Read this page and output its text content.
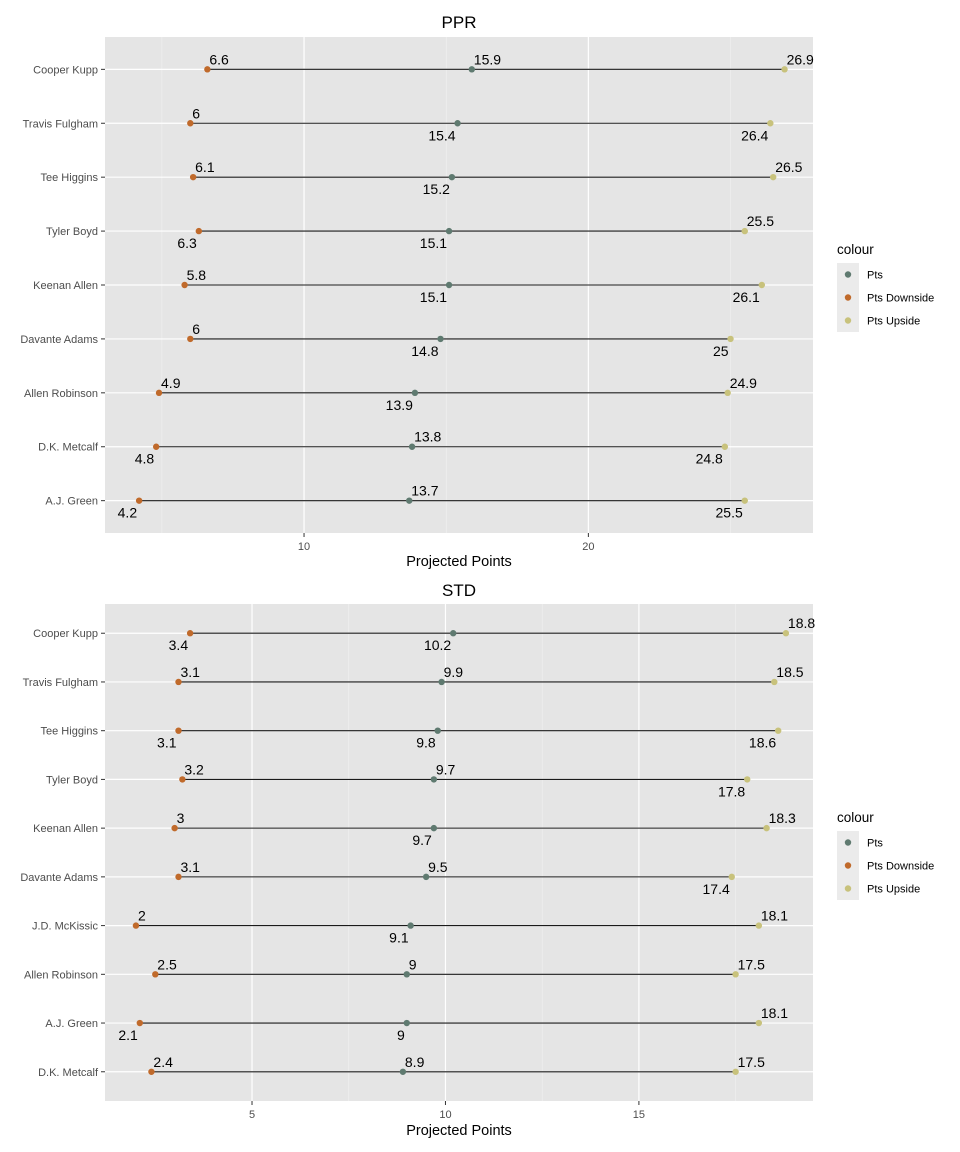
PPR
10	20
Projected Points
Cooper Kupp
6.6	15.9	26.9
Travis Fulgham
6
15.4	26.4
Tee Higgins
6.1
15.2
26.5
Tyler Boyd
6.3	15.1
25.5
Keenan Allen
5.8
15.1	26.1
Davante Adams
6
14.8	25
Allen Robinson
4.9
13.9
24.9
D.K. Metcalf
4.8
13.8
24.8
A.J. Green
4.2
13.7
25.5
colour
Pts
Pts Downside
Pts Upside
STD
5	10	15
Projected Points
Cooper Kupp
3.4	10.2
18.8
Travis Fulgham
3.1	9.9	18.5
Tee Higgins
3.1	9.8	18.6
Tyler Boyd
3.2	9.7
17.8
Keenan Allen
3
9.7
18.3
Davante Adams
3.1	9.5
17.4
J.D. McKissic
2
9.1
18.1
Allen Robinson
2.5	9	17.5
A.J. Green
2.1	9
18.1
D.K. Metcalf
2.4	8.9	17.5
colour
Pts
Pts Downside
Pts Upside
